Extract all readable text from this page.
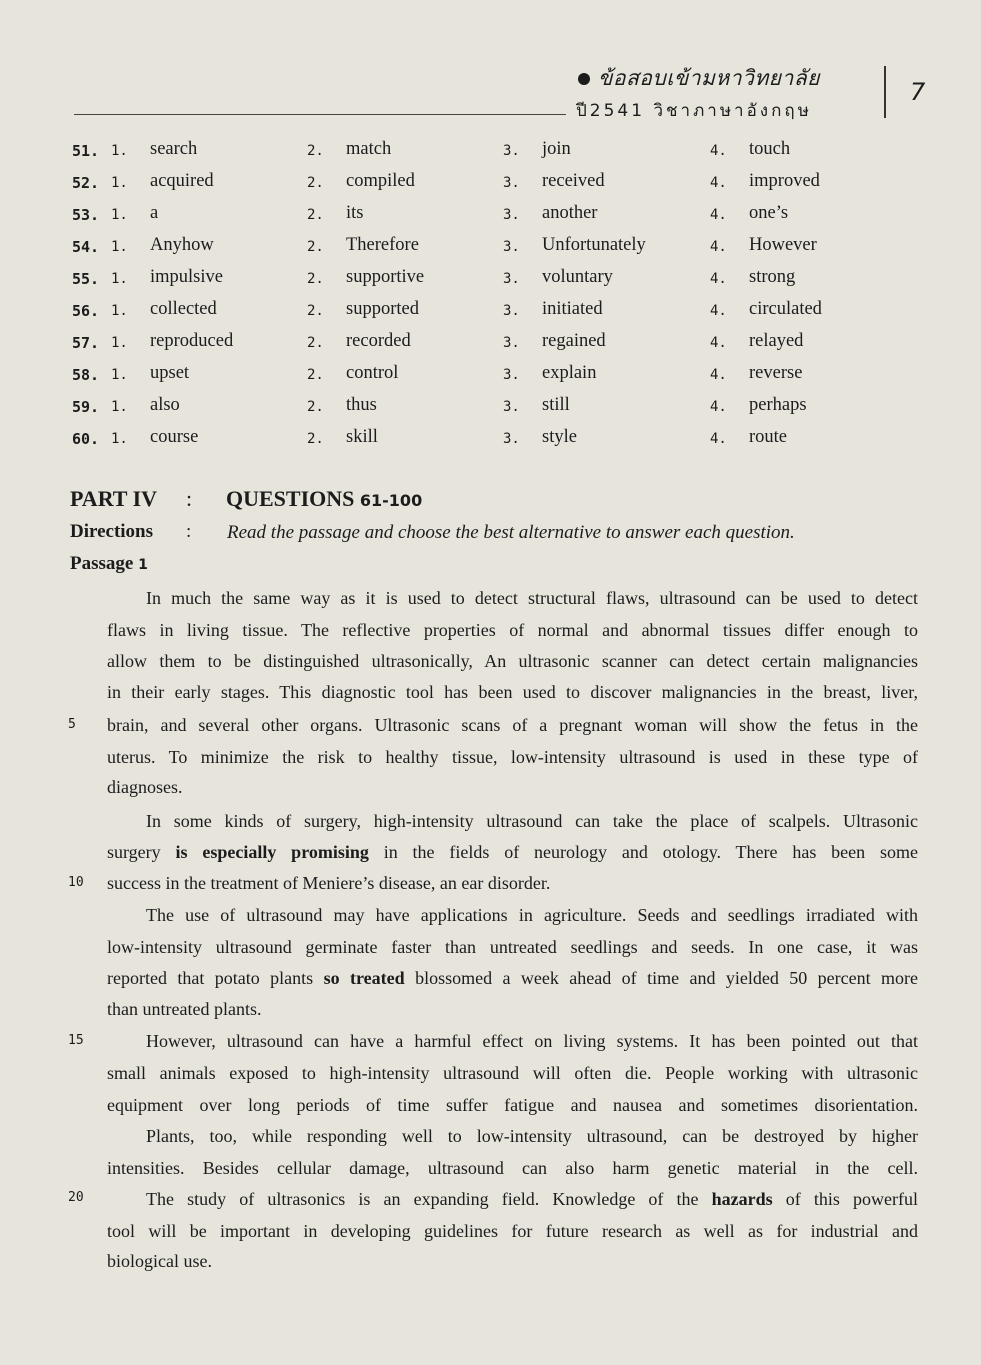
ข้อสอบเข้ามหาวิทยาลัย
ปี2541 วิชาภาษาอังกฤษ
7
51. 1. search	2. match	3. join	4. touch
52. 1. acquired	2. compiled	3. received	4. improved
53. 1. a	2. its	3. another	4. one’s
54. 1. Anyhow	2. Therefore	3. Unfortunately	4. However
55. 1. impulsive	2. supportive	3. voluntary	4. strong
56. 1. collected	2. supported	3. initiated	4. circulated
57. 1. reproduced	2. recorded	3. regained	4. relayed
58. 1. upset	2. control	3. explain	4. reverse
59. 1. also	2. thus	3. still	4. perhaps
60. 1. course	2. skill	3. style	4. route
PART IV : QUESTIONS 61-100
Directions : Read the passage and choose the best alternative to answer each question.
Passage 1
In much the same way as it is used to detect structural flaws, ultrasound can be used to detect
flaws in living tissue. The reflective properties of normal and abnormal tissues differ enough to
allow them to be distinguished ultrasonically, An ultrasonic scanner can detect certain malignancies
in their early stages. This diagnostic tool has been used to discover malignancies in the breast, liver,
5 brain, and several other organs. Ultrasonic scans of a pregnant woman will show the fetus in the
uterus. To minimize the risk to healthy tissue, low-intensity ultrasound is used in these type of
diagnoses.
In some kinds of surgery, high-intensity ultrasound can take the place of scalpels. Ultrasonic
surgery is especially promising in the fields of neurology and otology. There has been some
10 success in the treatment of Meniere’s disease, an ear disorder.
The use of ultrasound may have applications in agriculture. Seeds and seedlings irradiated with
low-intensity ultrasound germinate faster than untreated seedlings and seeds. In one case, it was
reported that potato plants so treated blossomed a week ahead of time and yielded 50 percent more
than untreated plants.
15	However, ultrasound can have a harmful effect on living systems. It has been pointed out that
small animals exposed to high-intensity ultrasound will often die. People working with ultrasonic
equipment over long periods of time suffer fatigue and nausea and sometimes disorientation.
Plants, too, while responding well to low-intensity ultrasound, can be destroyed by higher
intensities. Besides cellular damage, ultrasound can also harm genetic material in the cell.
20	The study of ultrasonics is an expanding field. Knowledge of the hazards of this powerful
tool will be important in developing guidelines for future research as well as for industrial and
biological use.
